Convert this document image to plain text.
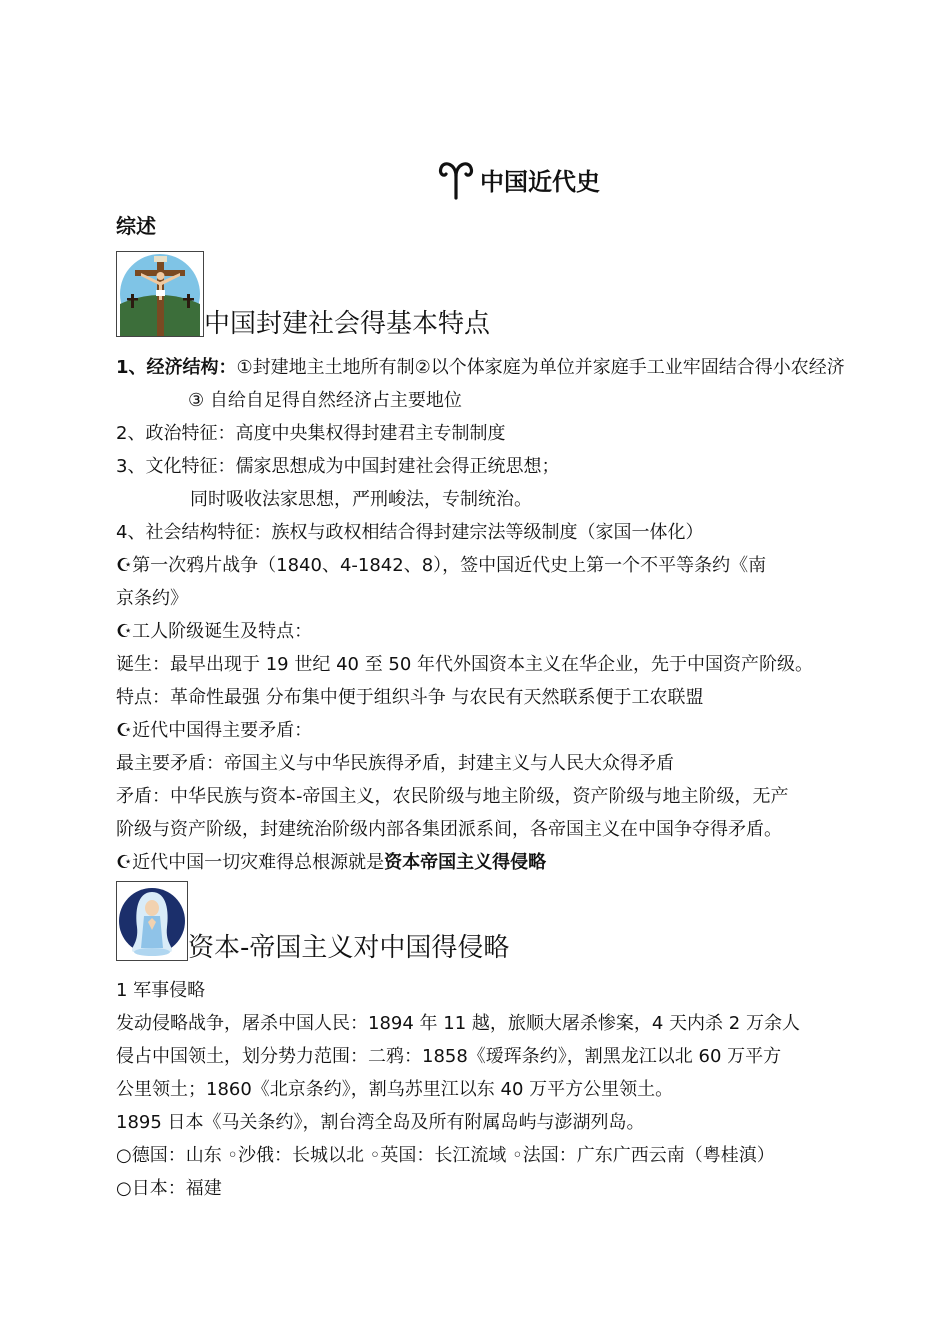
中国近代史
综述
中国封建社会得基本特点
1、经济结构：①封建地主土地所有制②以个体家庭为单位并家庭手工业牢固结合得小农经济
③ 自给自足得自然经济占主要地位
2、政治特征：高度中央集权得封建君主专制制度
3、文化特征：儒家思想成为中国封建社会得正统思想；
同时吸收法家思想，严刑峻法，专制统治。
4、社会结构特征：族权与政权相结合得封建宗法等级制度（家国一体化）
☪第一次鸦片战争（1840、4-1842、8），签中国近代史上第一个不平等条约《南
京条约》
☪工人阶级诞生及特点：
诞生：最早出现于 19 世纪 40 至 50 年代外国资本主义在华企业，先于中国资产阶级。
特点：革命性最强 分布集中便于组织斗争 与农民有天然联系便于工农联盟
☪近代中国得主要矛盾：
最主要矛盾：帝国主义与中华民族得矛盾，封建主义与人民大众得矛盾
矛盾：中华民族与资本-帝国主义，农民阶级与地主阶级，资产阶级与地主阶级，无产
阶级与资产阶级，封建统治阶级内部各集团派系间，各帝国主义在中国争夺得矛盾。
☪近代中国一切灾难得总根源就是资本帝国主义得侵略
资本-帝国主义对中国得侵略
1 军事侵略
发动侵略战争，屠杀中国人民：1894 年 11 越，旅顺大屠杀惨案，4 天内杀 2 万余人
侵占中国领土，划分势力范围：二鸦：1858《瑷珲条约》，割黑龙江以北 60 万平方
公里领土；1860《北京条约》，割乌苏里江以东 40 万平方公里领土。
1895 日本《马关条约》，割台湾全岛及所有附属岛屿与澎湖列岛。
○德国：山东 ◦沙俄：长城以北 ◦英国：长江流域 ◦法国：广东广西云南（粤桂滇）
○日本：福建
